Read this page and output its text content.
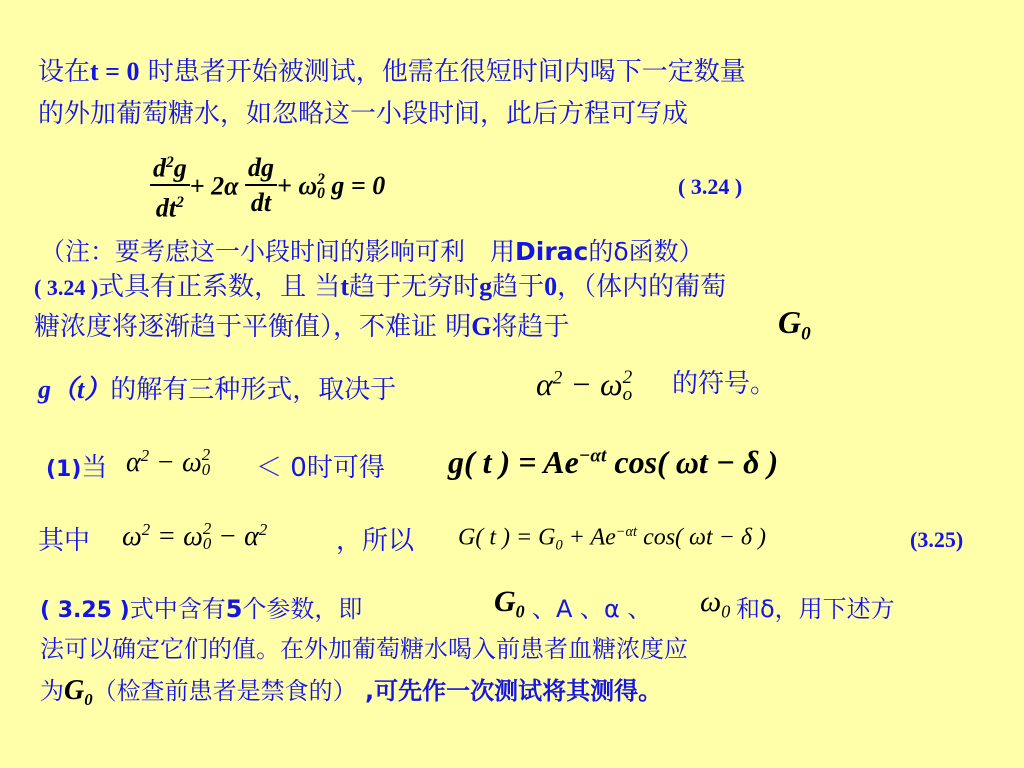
设在t = 0 时患者开始被测试，他需在很短时间内喝下一定数量
的外加葡萄糖水，如忽略这一小段时间，此后方程可写成
$\frac{d^2g}{dt^2} + 2\alpha \frac{dg}{dt} + \omega$ 2
0 g = 0	( 3.24 )
（注：要考虑这一小段时间的影响可利　用Dirac的δ函数）
( 3.24 )式具有正系数，且 当t趋于无穷时g趋于0，（体内的葡萄
糖浓度将逐渐趋于平衡值），不难证 明G将趋于	$G_0$
g（t）的解有三种形式，取决于	$\alpha^2 - \omega$ 2
o 的符号。
(1)当 $\alpha^2 - \omega$ 2
0 ＜ 0时可得 g( t ) = $Ae^{-\alpha t}$ cos( ωt − δ )
其中 $\omega^2 = \omega$ 2
$0 - \alpha^2$	，所以 G( t ) = $G_0 + Ae^{-\alpha t}$ cos( ωt − δ )	(3.25)
( 3.25 )式中含有5个参数，即	$G_0$ 、A 、α 、 $\omega_0$ 和δ，用下述方
法可以确定它们的值。在外加葡萄糖水喝入前患者血糖浓度应
为$G_0$（检查前患者是禁食的） ,可先作一次测试将其测得。
